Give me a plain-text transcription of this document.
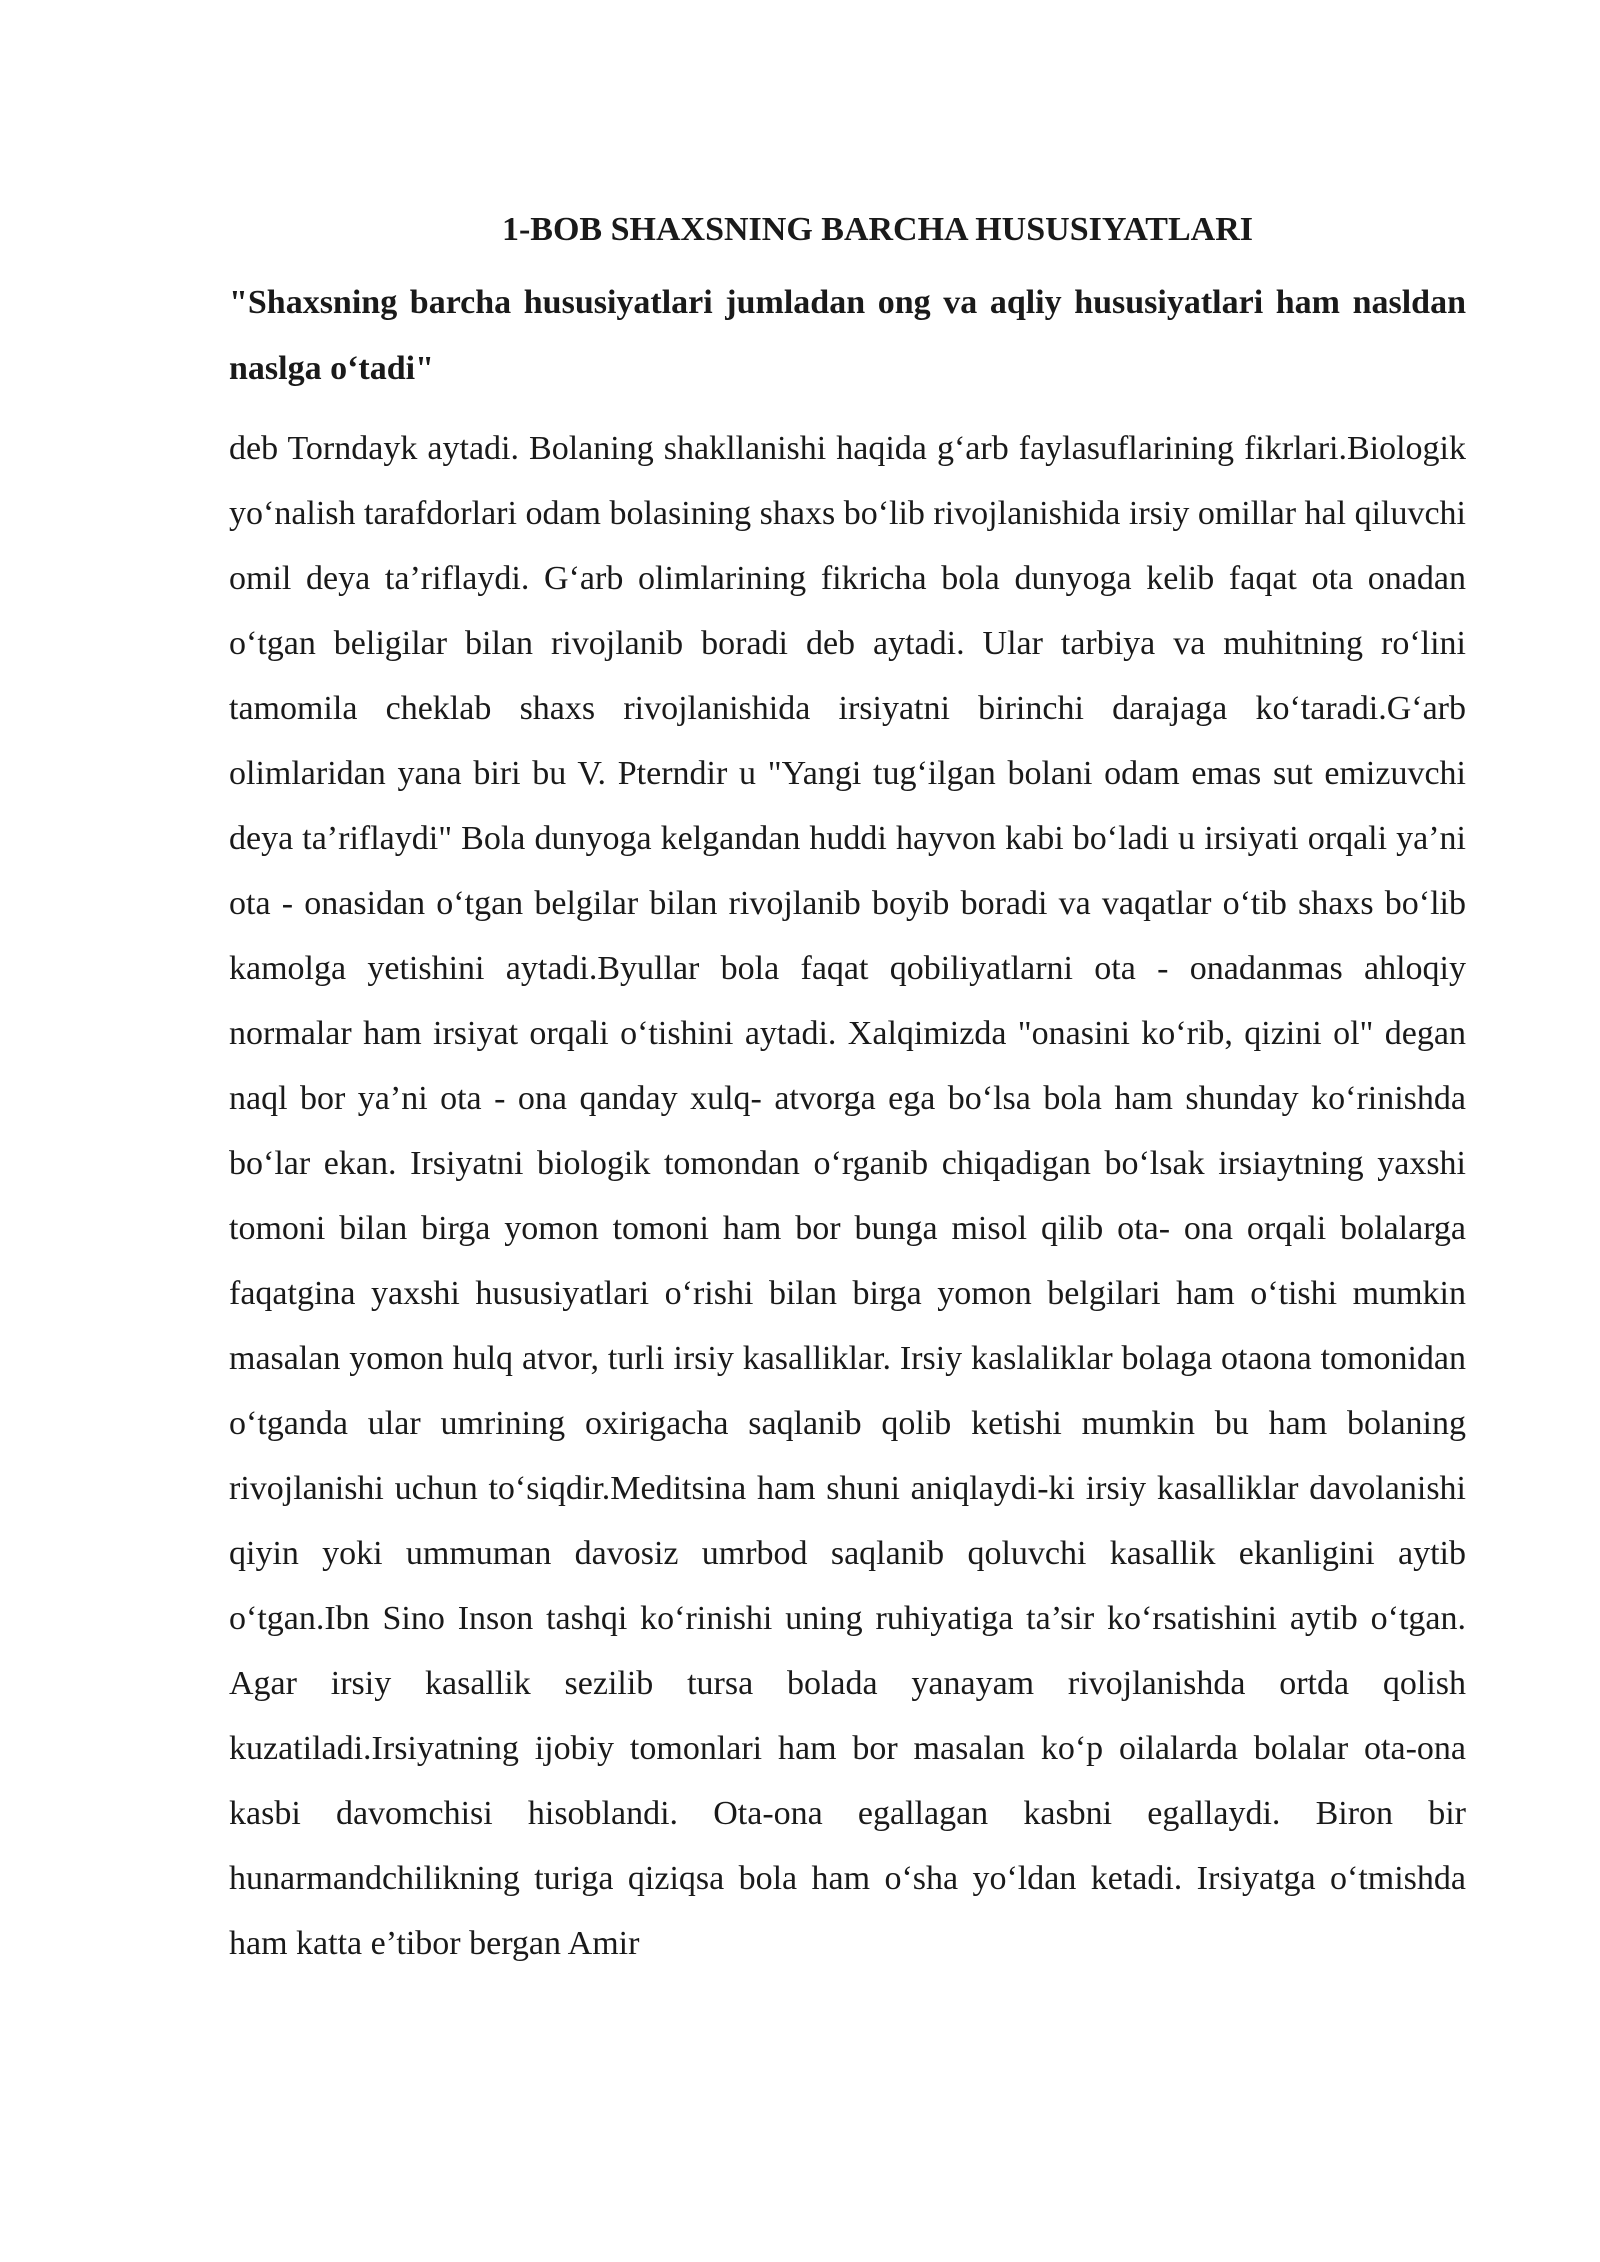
1-BOB SHAXSNING BARCHA HUSUSIYATLARI

"Shaxsning barcha hususiyatlari jumladan ong va aqliy hususiyatlari ham nasldan naslga o‘tadi"

deb Torndayk aytadi. Bolaning shakllanishi haqida g‘arb faylasuflarining fikrlari.Biologik yo‘nalish tarafdorlari odam bolasining shaxs bo‘lib rivojlanishida irsiy omillar hal qiluvchi omil deya ta’riflaydi. G‘arb olimlarining fikricha bola dunyoga kelib faqat ota onadan o‘tgan beligilar bilan rivojlanib boradi deb aytadi. Ular tarbiya va muhitning ro‘lini tamomila cheklab shaxs rivojlanishida irsiyatni birinchi darajaga ko‘taradi.G‘arb olimlaridan yana biri bu V. Pterndir u "Yangi tug‘ilgan bolani odam emas sut emizuvchi deya ta’riflaydi" Bola dunyoga kelgandan huddi hayvon kabi bo‘ladi u irsiyati orqali ya’ni ota - onasidan o‘tgan belgilar bilan rivojlanib boyib boradi va vaqatlar o‘tib shaxs bo‘lib kamolga yetishini aytadi.Byullar bola faqat qobiliyatlarni ota - onadanmas ahloqiy normalar ham irsiyat orqali o‘tishini aytadi. Xalqimizda "onasini ko‘rib, qizini ol" degan naql bor ya’ni ota - ona qanday xulq- atvorga ega bo‘lsa bola ham shunday ko‘rinishda bo‘lar ekan. Irsiyatni biologik tomondan o‘rganib chiqadigan bo‘lsak irsiaytning yaxshi tomoni bilan birga yomon tomoni ham bor bunga misol qilib ota- ona orqali bolalarga faqatgina yaxshi hususiyatlari o‘rishi bilan birga yomon belgilari ham o‘tishi mumkin masalan yomon hulq atvor, turli irsiy kasalliklar. Irsiy kaslaliklar bolaga otaona tomonidan o‘tganda ular umrining oxirigacha saqlanib qolib ketishi mumkin bu ham bolaning rivojlanishi uchun to‘siqdir.Meditsina ham shuni aniqlaydi-ki irsiy kasalliklar davolanishi qiyin yoki ummuman davosiz umrbod saqlanib qoluvchi kasallik ekanligini aytib o‘tgan.Ibn Sino Inson tashqi ko‘rinishi uning ruhiyatiga ta’sir ko‘rsatishini aytib o‘tgan. Agar irsiy kasallik sezilib tursa bolada yanayam rivojlanishda ortda qolish kuzatiladi.Irsiyatning ijobiy tomonlari ham bor masalan ko‘p oilalarda bolalar ota-ona kasbi davomchisi hisoblandi. Ota-ona egallagan kasbni egallaydi. Biron bir hunarmandchilikning turiga qiziqsa bola ham o‘sha yo‘ldan ketadi. Irsiyatga o‘tmishda ham katta e’tibor bergan Amir
